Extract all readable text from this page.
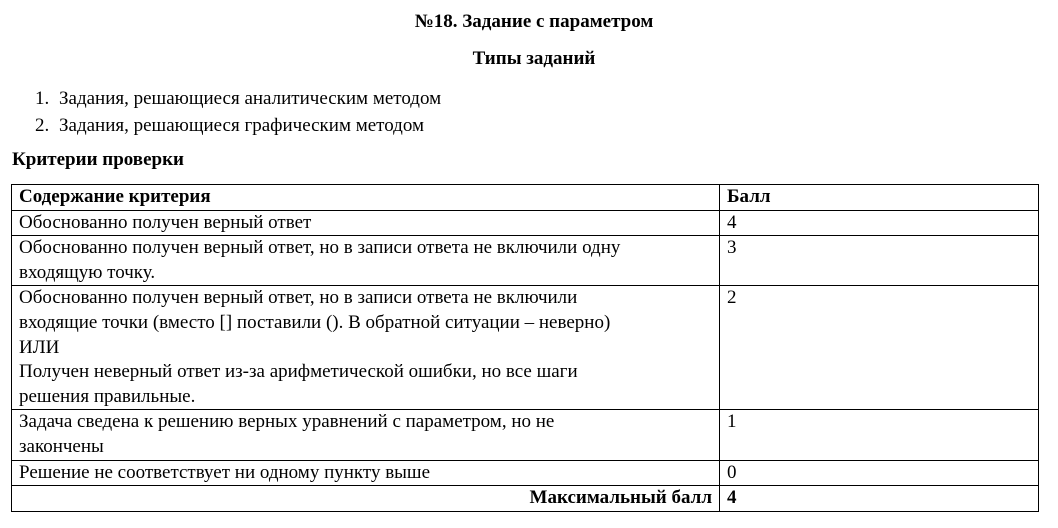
№18. Задание с параметром
Типы заданий
1. Задания, решающиеся аналитическим методом
2. Задания, решающиеся графическим методом
Критерии проверки
Содержание критерия	Балл

Обоснованно получен верный ответ	4

Обоснованно получен верный ответ, но в записи ответа не включили одну
входящую точку.	3

Обоснованно получен верный ответ, но в записи ответа не включили
входящие точки (вместо [] поставили (). В обратной ситуации – неверно)
ИЛИ
Получен неверный ответ из-за арифметической ошибки, но все шаги
решения правильные.	2

Задача сведена к решению верных уравнений с параметром, но не
закончены	1

Решение не соответствует ни одному пункту выше	0
Максимальный балл	4
